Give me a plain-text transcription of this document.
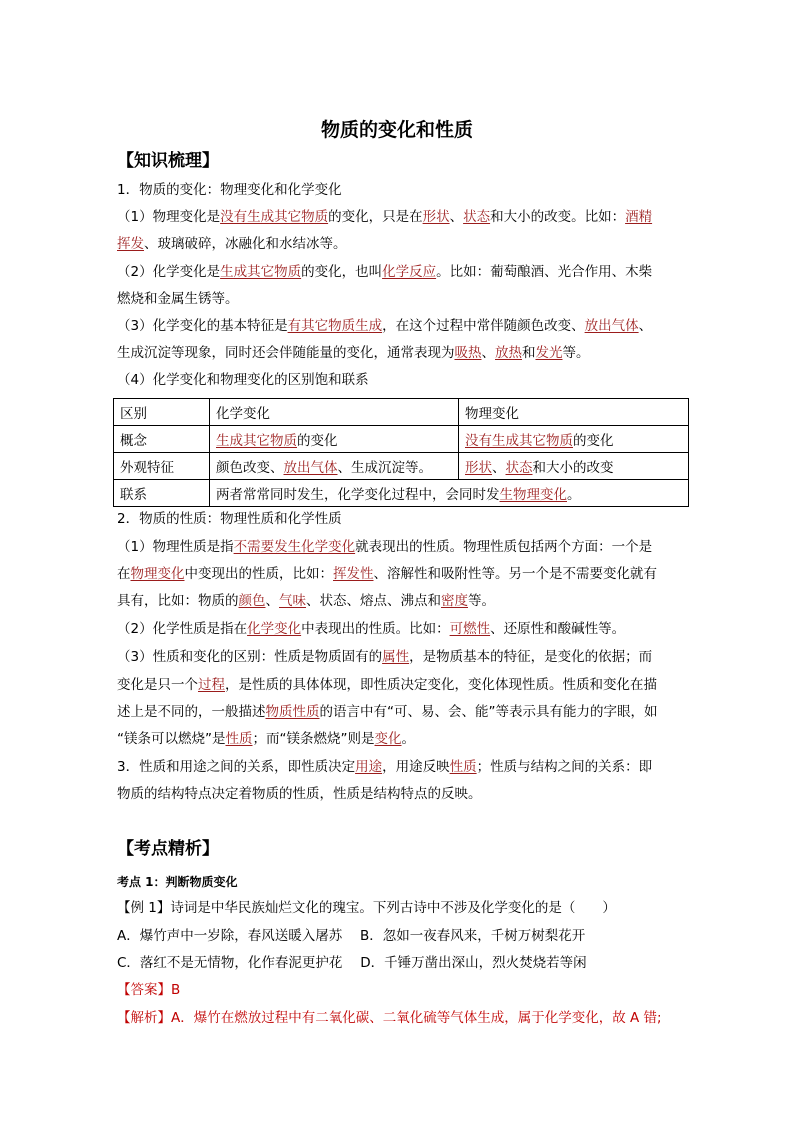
物质的变化和性质
【知识梳理】
1．物质的变化：物理变化和化学变化
（1）物理变化是没有生成其它物质的变化，只是在形状、状态和大小的改变。比如：酒精
挥发、玻璃破碎，冰融化和水结冰等。
（2）化学变化是生成其它物质的变化，也叫化学反应。比如：葡萄酿酒、光合作用、木柴
燃烧和金属生锈等。
（3）化学变化的基本特征是有其它物质生成，在这个过程中常伴随颜色改变、放出气体、
生成沉淀等现象，同时还会伴随能量的变化，通常表现为吸热、放热和发光等。
（4）化学变化和物理变化的区别饱和联系
区别	化学变化	物理变化
概念	生成其它物质的变化	没有生成其它物质的变化
外观特征	颜色改变、放出气体、生成沉淀等。	形状、状态和大小的改变
联系	两者常常同时发生，化学变化过程中，会同时发生物理变化。	
2．物质的性质：物理性质和化学性质
（1）物理性质是指不需要发生化学变化就表现出的性质。物理性质包括两个方面：一个是
在物理变化中变现出的性质，比如：挥发性、溶解性和吸附性等。另一个是不需要变化就有
具有，比如：物质的颜色、气味、状态、熔点、沸点和密度等。
（2）化学性质是指在化学变化中表现出的性质。比如：可燃性、还原性和酸碱性等。
（3）性质和变化的区别：性质是物质固有的属性，是物质基本的特征，是变化的依据；而
变化是只一个过程，是性质的具体体现，即性质决定变化，变化体现性质。性质和变化在描
述上是不同的，一般描述物质性质的语言中有“可、易、会、能”等表示具有能力的字眼，如
“镁条可以燃烧”是性质；而“镁条燃烧”则是变化。
3．性质和用途之间的关系，即性质决定用途，用途反映性质；性质与结构之间的关系：即
物质的结构特点决定着物质的性质，性质是结构特点的反映。
【考点精析】
考点 1：判断物质变化
【例 1】诗词是中华民族灿烂文化的瑰宝。下列古诗中不涉及化学变化的是（　　）
A．爆竹声中一岁除，春风送暖入屠苏　 B．忽如一夜春风来，千树万树梨花开
C．落红不是无情物，化作春泥更护花　 D．千锤万凿出深山，烈火焚烧若等闲
【答案】B
【解析】A．爆竹在燃放过程中有二氧化碳、二氧化硫等气体生成，属于化学变化，故 A 错;
